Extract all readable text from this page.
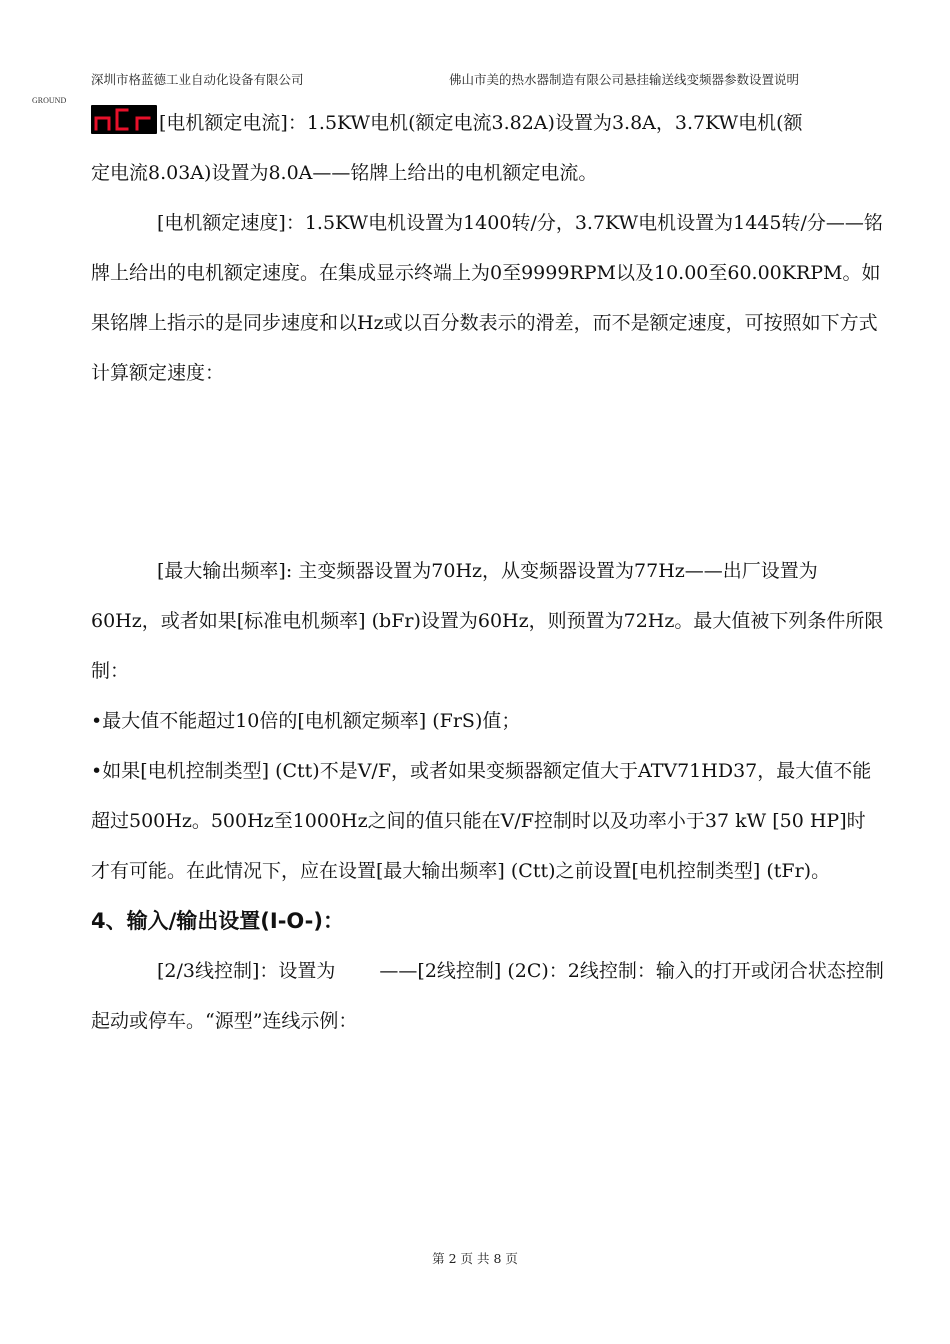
深圳市格蓝德工业自动化设备有限公司	佛山市美的热水器制造有限公司悬挂输送线变频器参数设置说明
GROUND

[电机额定电流]：1.5KW电机(额定电流3.82A)设置为3.8A，3.7KW电机(额
定电流8.03A)设置为8.0A——铭牌上给出的电机额定电流。

[电机额定速度]：1.5KW电机设置为1400转/分，3.7KW电机设置为1445转/分——铭牌上给出的电机额定速度。在集成显示终端上为0至9999RPM以及10.00至60.00KRPM。如果铭牌上指示的是同步速度和以Hz或以百分数表示的滑差，而不是额定速度，可按照如下方式计算额定速度：

[最大输出频率]: 主变频器设置为70Hz，从变频器设置为77Hz——出厂设置为60Hz，或者如果[标准电机频率] (bFr)设置为60Hz，则预置为72Hz。最大值被下列条件所限制：

•最大值不能超过10倍的[电机额定频率] (FrS)值；

•如果[电机控制类型] (Ctt)不是V/F，或者如果变频器额定值大于ATV71HD37，最大值不能超过500Hz。500Hz至1000Hz之间的值只能在V/F控制时以及功率小于37 kW [50 HP]时才有可能。在此情况下，应在设置[最大输出频率] (Ctt)之前设置[电机控制类型] (tFr)。

4、输入/输出设置(I-O-)：

[2/3线控制]：设置为 ——[2线控制] (2C)：2线控制：输入的打开或闭合状态控制起动或停车。“源型”连线示例：

第 2 页 共 8 页
